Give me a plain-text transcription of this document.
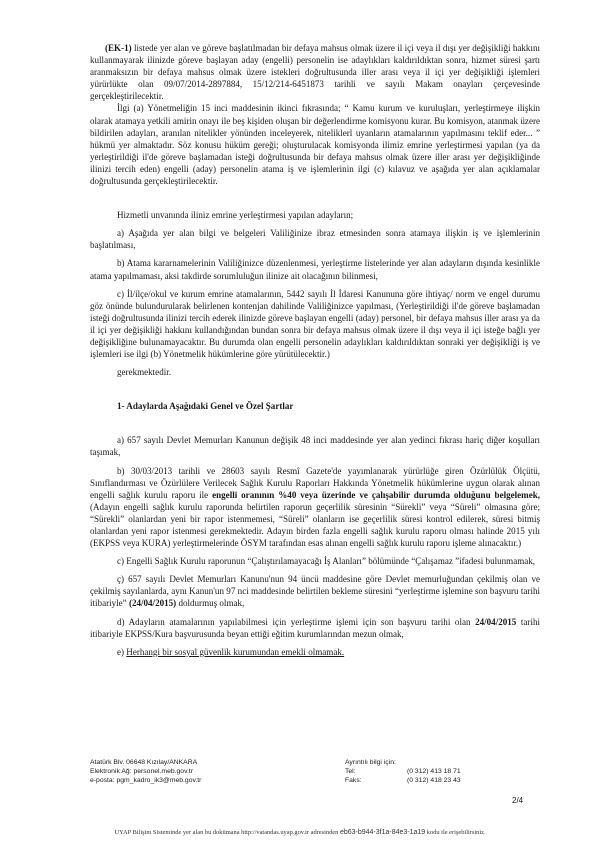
(EK-1) listede yer alan ve göreve başlatılmadan bir defaya mahsus olmak üzere il içi veya il dışı yer değişikliği hakkını kullanmayarak ilinizde göreve başlayan aday (engelli) personelin ise adaylıkları kaldırıldıktan sonra, hizmet süresi şartı aranmaksızın bir defaya mahsus olmak üzere istekleri doğrultusunda iller arası veya il içi yer değişikliği işlemleri yürürlükte olan 09/07/2014-2897884, 15/12/214-6451873 tarihli ve sayılı Makam onayları çerçevesinde gerçekleştirilecektir.

İlgi (a) Yönetmeliğin 15 inci maddesinin ikinci fıkrasında; “ Kamu kurum ve kuruluşları, yerleştirmeye ilişkin olarak atamaya yetkili amirin onayı ile beş kişiden oluşan bir değerlendirme komisyonu kurar. Bu komisyon, atanmak üzere bildirilen adayları, aranılan nitelikler yönünden inceleyerek, niteliklerl uyanların atamalarının yapılmasını teklif eder... ” hükmü yer almaktadır. Söz konusu hüküm gereği; oluşturulacak komisyonda ilimiz emrine yerleştirmesi yapılan (ya da yerleştirildiği il'de göreve başlamadan isteği doğrultusunda bir defaya mahsus olmak üzere iller arası yer değişikliğinde ilinizi tercih eden) engelli (aday) personelin atama iş ve işlemlerinin ilgi (c) kılavuz ve aşağıda yer alan açıklamalar doğrultusunda gerçekleştirilecektir.

Hizmetli unvanında iliniz emrine yerleştirmesi yapılan adayların;

a) Aşağıda yer alan bilgi ve belgeleri Valiliğinize ibraz etmesinden sonra atamaya ilişkin iş ve işlemlerinin başlatılması,

b) Atama kararnamelerinin Valiliğinizce düzenlenmesi, yerleştirme listelerinde yer alan adayların dışında kesinlikle atama yapılmaması, aksi takdirde sorumluluğun ilinize ait olacağının bilinmesi,

c) İl/ilçe/okul ve kurum emrine atamalarının, 5442 sayılı İl İdaresi Kanununa göre ihtiyaç/ norm ve engel durumu göz önünde bulundurularak belirlenen kontenjan dahilinde Valiliğinizce yapılması, (Yerleştirildiği il'de göreve başlamadan isteği doğrultusunda ilinizi tercih ederek ilinizde göreve başlayan engelli (aday) personel, bir defaya mahsus iller arası ya da il içi yer değişikliği hakkını kullandığından bundan sonra bir defaya mahsus olmak üzere il dışı veya il içi isteğe bağlı yer değişikliğine bulunamayacaktır. Bu durumda olan engelli personelin adaylıkları kaldırıldıktan sonraki yer değişikliği iş ve işlemleri ise ilgi (b) Yönetmelik hükümlerine göre yürütülecektir.)

gerekmektedir.

1- Adaylarda Aşağıdaki Genel ve Özel Şartlar

a) 657 sayılı Devlet Memurları Kanunun değişik 48 inci maddesinde yer alan yedinci fıkrası hariç diğer koşulları taşımak,

b) 30/03/2013 tarihli ve 28603 sayılı Resmî Gazete'de yayımlanarak yürürlüğe giren Özürlülük Ölçütü, Sınıflandırması ve Özürlülere Verilecek Sağlık Kurulu Raporları Hakkında Yönetmelik hükümlerine uygun olarak alınan engelli sağlık kurulu raporu ile engelli oranının %40 veya üzerinde ve çalışabilir durumda olduğunu belgelemek, (Adayın engelli sağlık kurulu raporunda belirtilen raporun geçerlilik süresinin “Sürekli” veya “Süreli” olmasına göre; “Sürekli” olanlardan yeni bir rapor istenmemesi, “Süreli” olanların ise geçerlilik süresi kontrol edilerek, süresi bitmiş olanlardan yeni rapor istenmesi gerekmektedir. Adayın birden fazla engelli sağlık kurulu raporu olması halinde 2015 yılı (EKPSS veya KURA) yerleştirmelerinde ÖSYM tarafından esas alınan engelli sağlık kurulu raporu işleme alınacaktır.)

c) Engelli Sağlık Kurulu raporunun “Çalıştırılamayacağı İş Alanları” bölümünde “Çalışamaz ”ifadesi bulunmamak,

ç) 657 sayılı Devlet Memurları Kanunu'nun 94 üncü maddesine göre Devlet memurluğundan çekilmiş olan ve çekilmiş sayılanlarda, aynı Kanun'un 97 nci maddesinde belirtilen bekleme süresini “yerleştirme işlemine son başvuru tarihi itibariyle” (24/04/2015) doldurmuş olmak,

d) Adayların atamalarının yapılabilmesi için yerleştirme işlemi için son başvuru tarihi olan 24/04/2015 tarihi itibariyle EKPSS/Kura başvurusunda beyan ettiği eğitim kurumlarından mezun olmak,

e) Herhangi bir sosyal güvenlik kurumundan emekli olmamak.

Atatürk Blv. 06648 Kızılay/ANKARA
Elektronik Ağ: personel.meb.gov.tr
e-posta: pgm_kadro_ik3@meb.gov.tr
Ayrıntılı bilgi için:
Tel:	(0 312) 413 18 71
Faks:	(0 312) 418 23 43
2/4
UYAP Bilişim Sisteminde yer alan bu dokümana http://vatandas.uyap.gov.tr adresinden eb63-b944-3f1a-84e3-1a19 kodu ile erişebilirsiniz.
